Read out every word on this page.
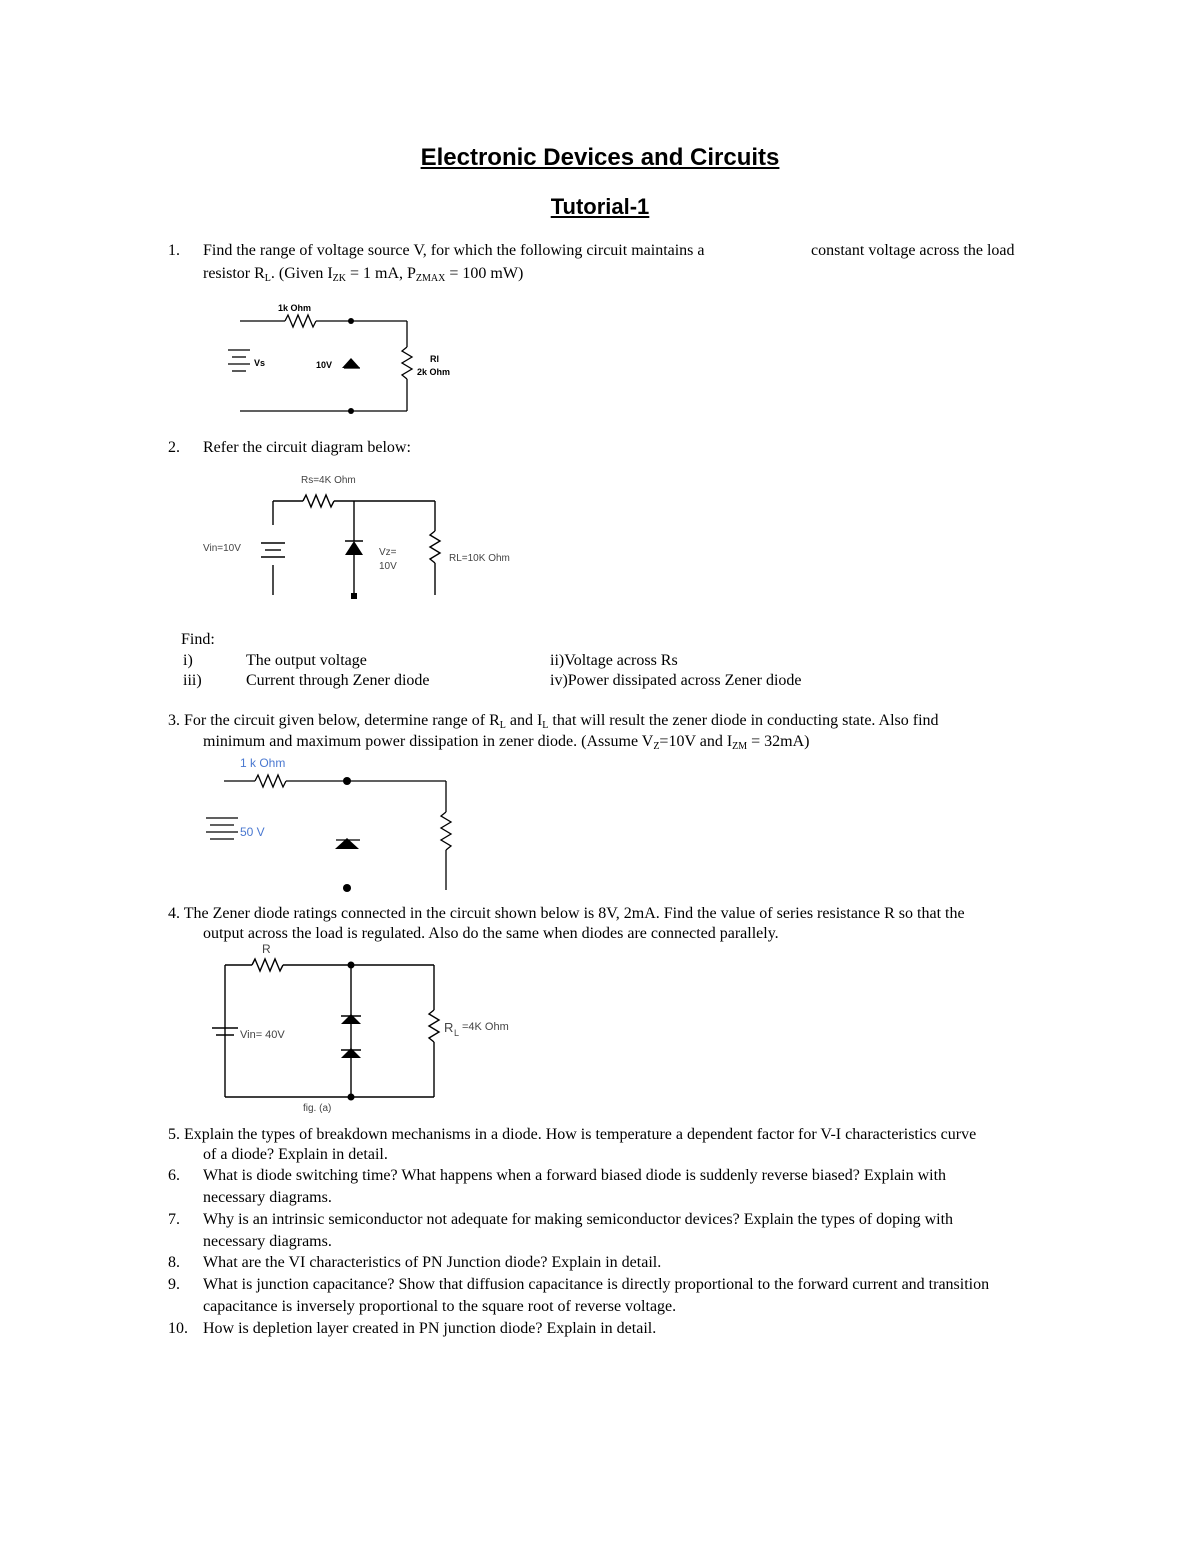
Electronic Devices and Circuits
Tutorial-1
1. Find the range of voltage source V, for which the following circuit maintains a	constant voltage across the load
resistor $R_L$. (Given $I_{ZK} = 1$ mA, $P_{ZMAX} = 100$ mW)
1k Ohm
Vs	10V
Rl
2k Ohm
2. Refer the circuit diagram below:
Rs=4K Ohm
Vin=10V	Vz=
10V
RL=10K Ohm
Find:
i)	The output voltage	ii)Voltage across Rs
iii)	Current through Zener diode	iv)Power dissipated across Zener diode
3. For the circuit given below, determine range of $R_L$ and $I_L$ that will result the zener diode in conducting state. Also find
minimum and maximum power dissipation in zener diode. (Assume $V_Z=10V$ and $I_{ZM} = 32mA$)
1 k Ohm
50 V
4. The Zener diode ratings connected in the circuit shown below is 8V, 2mA. Find the value of series resistance R so that the
output across the load is regulated. Also do the same when diodes are connected parallely.
R
Vin= 40V	R L =4K Ohm
fig. (a)
5. Explain the types of breakdown mechanisms in a diode. How is temperature a dependent factor for V-I characteristics curve
of a diode? Explain in detail.
6. What is diode switching time? What happens when a forward biased diode is suddenly reverse biased? Explain with
necessary diagrams.
7. Why is an intrinsic semiconductor not adequate for making semiconductor devices? Explain the types of doping with
necessary diagrams.
8. What are the VI characteristics of PN Junction diode? Explain in detail.
9. What is junction capacitance? Show that diffusion capacitance is directly proportional to the forward current and transition
capacitance is inversely proportional to the square root of reverse voltage.
10. How is depletion layer created in PN junction diode? Explain in detail.
